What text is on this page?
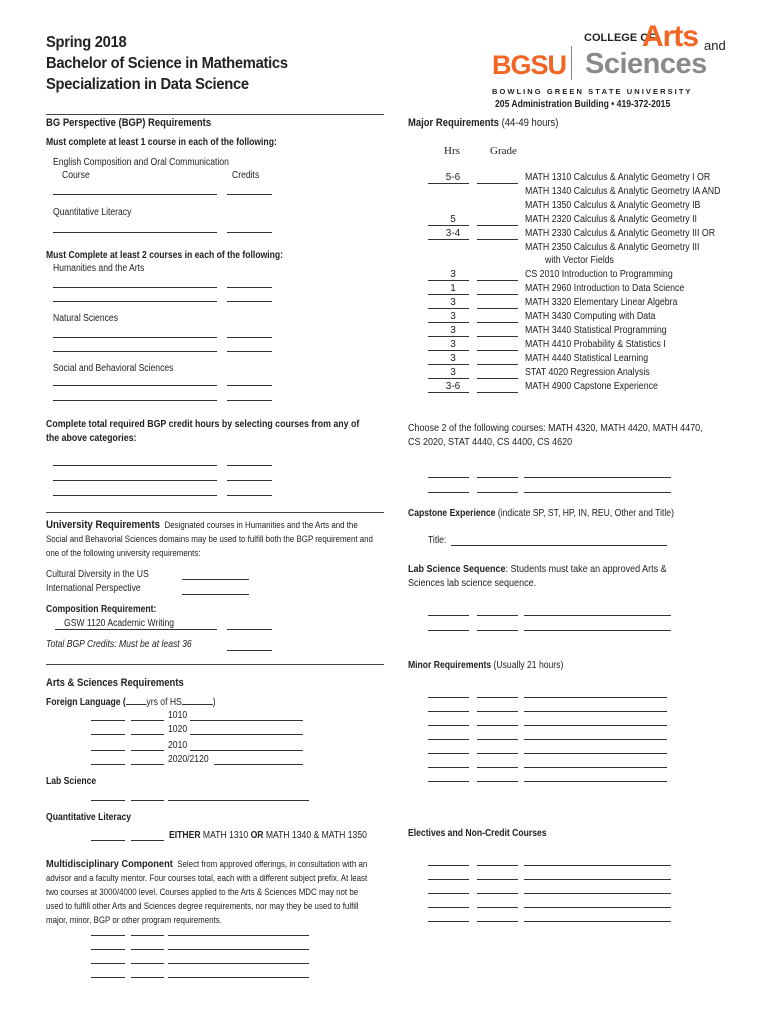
Spring 2018
Bachelor of Science in Mathematics
Specialization in Data Science
BGSU
COLLEGE OF
Arts and
Sciences
B O W L I N G   G R E E N   S T A T E   U N I V E R S I T Y
205 Administration Building • 419-372-2015
BG Perspective (BGP) Requirements
Must complete at least 1 course in each of the following:
English Composition and Oral Communication
Course	Credits
Quantitative Literacy
Must Complete at least 2 courses in each of the following:
Humanities and the Arts
Natural Sciences
Social and Behavioral Sciences
Complete total required BGP credit hours by selecting courses from any of the above categories:
University Requirements Designated courses in Humanities and the Arts and the Social and Behavorial Sciences domains may be used to fulfill both the BGP requirement and one of the following university requirements:
Cultural Diversity in the US
International Perspective
Composition Requirement:
GSW 1120 Academic Writing
Total BGP Credits: Must be at least 36
Arts & Sciences Requirements
Foreign Language ( yrs of HS	)
1010
1020
2010
2020/2120
Lab Science
Quantitative Literacy
EITHER MATH 1310 OR MATH 1340 & MATH 1350
Multidisciplinary Component Select from approved offerings, in consultation with an advisor and a faculty mentor. Four courses total, each with a different subject prefix. At least two courses at 3000/4000 level. Courses applied to the Arts & Sciences MDC may not be used to fulfill other Arts and Sciences degree requirements, nor may they be used to fulfill major, minor, BGP or other program requirements.
Major Requirements (44-49 hours)
Hrs	Grade
5-6	MATH 1310 Calculus & Analytic Geometry I OR
MATH 1340 Calculus & Analytic Geometry IA AND
MATH 1350 Calculus & Analytic Geometry IB
5	MATH 2320 Calculus & Analytic Geometry II
3-4	MATH 2330 Calculus & Analytic Geometry III OR
MATH 2350 Calculus & Analytic Geometry III
with Vector Fields
3	CS 2010 Introduction to Programming
1	MATH 2960 Introduction to Data Science
3	MATH 3320 Elementary Linear Algebra
3	MATH 3430 Computing with Data
3	MATH 3440 Statistical Programming
3	MATH 4410 Probability & Statistics I
3	MATH 4440 Statistical Learning
3	STAT 4020 Regression Analysis
3-6	MATH 4900 Capstone Experience
Choose 2 of the following courses: MATH 4320, MATH 4420, MATH 4470, CS 2020, STAT 4440, CS 4400, CS 4620
Capstone Experience (indicate SP, ST, HP, IN, REU, Other and Title)
Title:
Lab Science Sequence: Students must take an approved Arts & Sciences lab science sequence.
Minor Requirements (Usually 21 hours)
Electives and Non-Credit Courses
